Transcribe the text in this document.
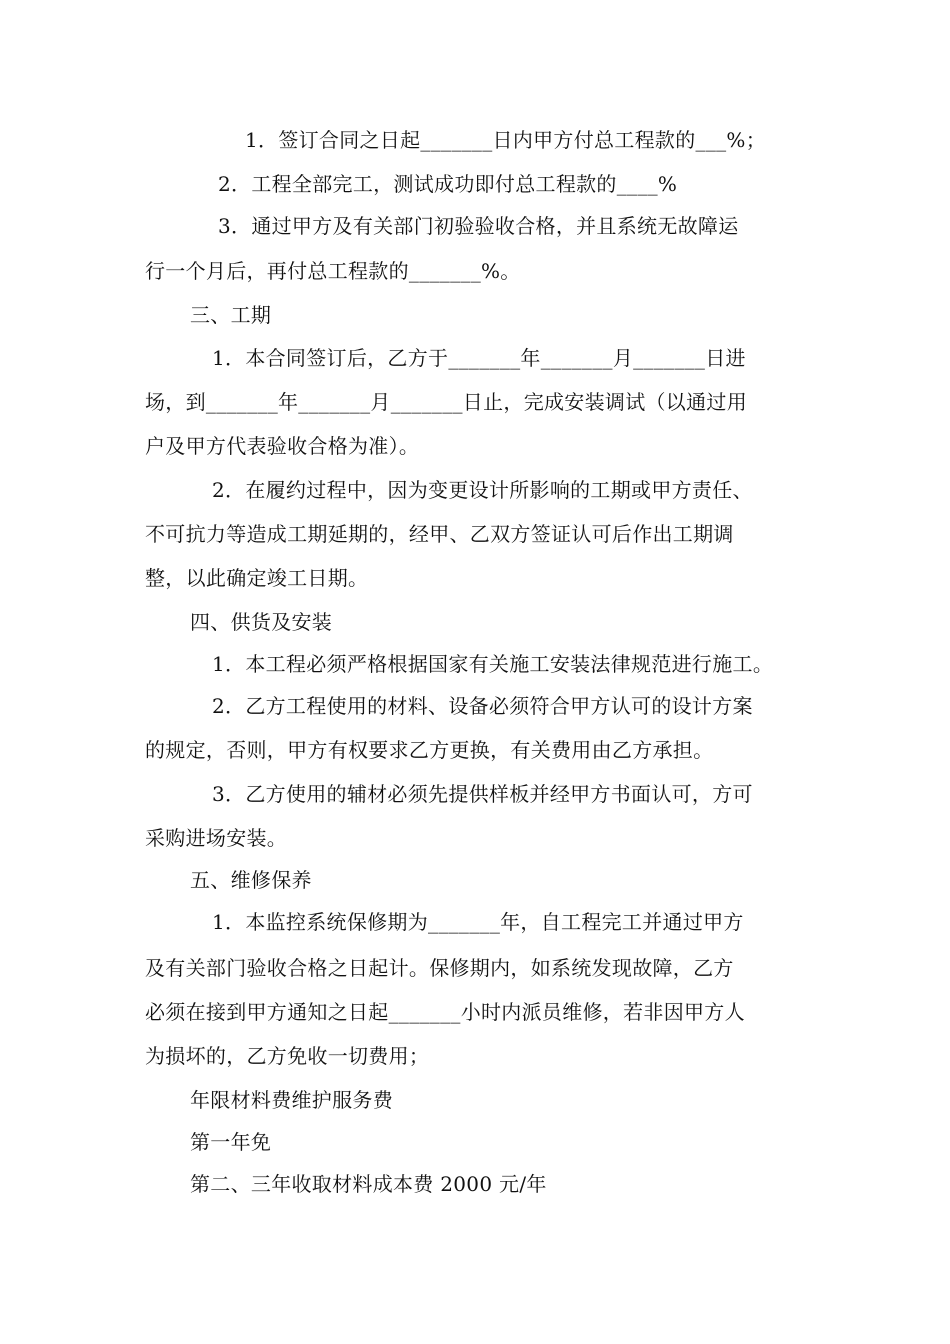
1．签订合同之日起_______日内甲方付总工程款的___%；
2．工程全部完工，测试成功即付总工程款的____%
3．通过甲方及有关部门初验验收合格，并且系统无故障运
行一个月后，再付总工程款的_______%。
三、工期
1．本合同签订后，乙方于_______年_______月_______日进
场，到_______年_______月_______日止，完成安装调试（以通过用
户及甲方代表验收合格为准）。
2．在履约过程中，因为变更设计所影响的工期或甲方责任、
不可抗力等造成工期延期的，经甲、乙双方签证认可后作出工期调
整，以此确定竣工日期。
四、供货及安装
1．本工程必须严格根据国家有关施工安装法律规范进行施工。
2．乙方工程使用的材料、设备必须符合甲方认可的设计方案
的规定，否则，甲方有权要求乙方更换，有关费用由乙方承担。
3．乙方使用的辅材必须先提供样板并经甲方书面认可，方可
采购进场安装。
五、维修保养
1．本监控系统保修期为_______年，自工程完工并通过甲方
及有关部门验收合格之日起计。保修期内，如系统发现故障，乙方
必须在接到甲方通知之日起_______小时内派员维修，若非因甲方人
为损坏的，乙方免收一切费用；
年限材料费维护服务费
第一年免
第二、三年收取材料成本费 2000 元/年
